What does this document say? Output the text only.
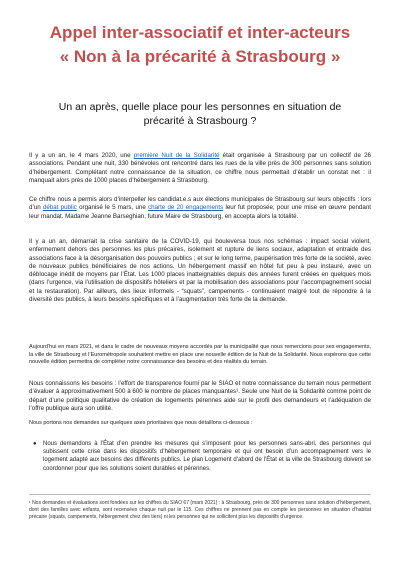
Appel inter-associatif et inter-acteurs
« Non à la précarité à Strasbourg »
Un an après, quelle place pour les personnes en situation de
précarité à Strasbourg ?
Il y a un an, le 4 mars 2020, une première Nuit de la Solidarité était organisée à Strasbourg par un collectif de 26 associations. Pendant une nuit, 330 bénévoles ont rencontré dans les rues de la ville près de 300 personnes sans solution d’hébergement. Complétant notre connaissance de la situation, ce chiffre nous permettait d’établir un constat net : il manquait alors près de 1000 places d’hébergement à Strasbourg.
Ce chiffre nous a permis alors d’interpeller les candidat.e.s aux élections municipales de Strasbourg sur leurs objectifs : lors d’un débat public organisé le 5 mars, une charte de 20 engagements leur fut proposée, pour une mise en œuvre pendant leur mandat. Madame Jeanne Barseghian, future Maire de Strasbourg, en accepta alors la totalité.
Il y a un an, démarrait la crise sanitaire de la COVID-19, qui bouleversa tous nos schémas : impact social violent, enfermement dehors des personnes les plus précaires, isolement et rupture de liens sociaux, adaptation et entraide des associations face à la désorganisation des pouvoirs publics ; et sur le long terme, paupérisation très forte de la société, avec de nouveaux publics bénéficiaires de nos actions. Un hébergement massif en hôtel fut peu à peu instauré, avec un déblocage inédit de moyens par l’État. Les 1000 places inatteignables depuis des années furent créées en quelques mois (dans l’urgence, via l’utilisation de dispositifs hôteliers et par la mobilisation des associations pour l’accompagnement social et la restauration). Par ailleurs, des lieux informels - “squats”, campements - continuaient malgré tout de répondre à la diversité des publics, à leurs besoins spécifiques et à l’augmentation très forte de la demande.
Aujourd’hui en mars 2021, et dans le cadre de nouveaux moyens accordés par la municipalité que nous remercions pour ses engagements, la ville de Strasbourg et l’Eurométropole souhaitent mettre en place une nouvelle édition de la Nuit de la Solidarité. Nous espérons que cette nouvelle édition permettra de compléter notre connaissance des besoins et des réalités du terrain.
Nous connaissons les besoins : l’effort de transparence fourni par le SIAO et notre connaissance du terrain nous permettent d’évaluer à approximativement 500 à 600 le nombre de places manquantes¹. Seule une Nuit de la Solidarité comme point de départ d’une politique qualitative de création de logements pérennes aide sur le profil des demandeurs et l’adéquation de l’offre publique aura son utilité.
Nous portons nos demandes sur quelques axes prioritaires que nous détaillons ci-dessous :
● Nous demandons à l’État d’en prendre les mesures qui s’imposent pour les personnes sans-abri, des personnes qui subissent cette crise dans les dispositifs d’hébergement temporaire et qui ont besoin d’un accompagnement vers le logement adapté aux besoins des différents publics. Le plan Logement d’abord de l’État et la ville de Strasbourg doivent se coordonner pour que les solutions soient durables et pérennes.
¹ Nos demandes et évaluations sont fondées sur les chiffres du SIAO 67 (mars 2021) : à Strasbourg, près de 300 personnes sans solution d’hébergement, dont des familles avec enfants, sont recensées chaque nuit par le 115. Ces chiffres ne prennent pas en compte les personnes en situation d’habitat précaire (squats, campements, hébergement chez des tiers) ni les personnes qui ne sollicitent plus les dispositifs d’urgence.
